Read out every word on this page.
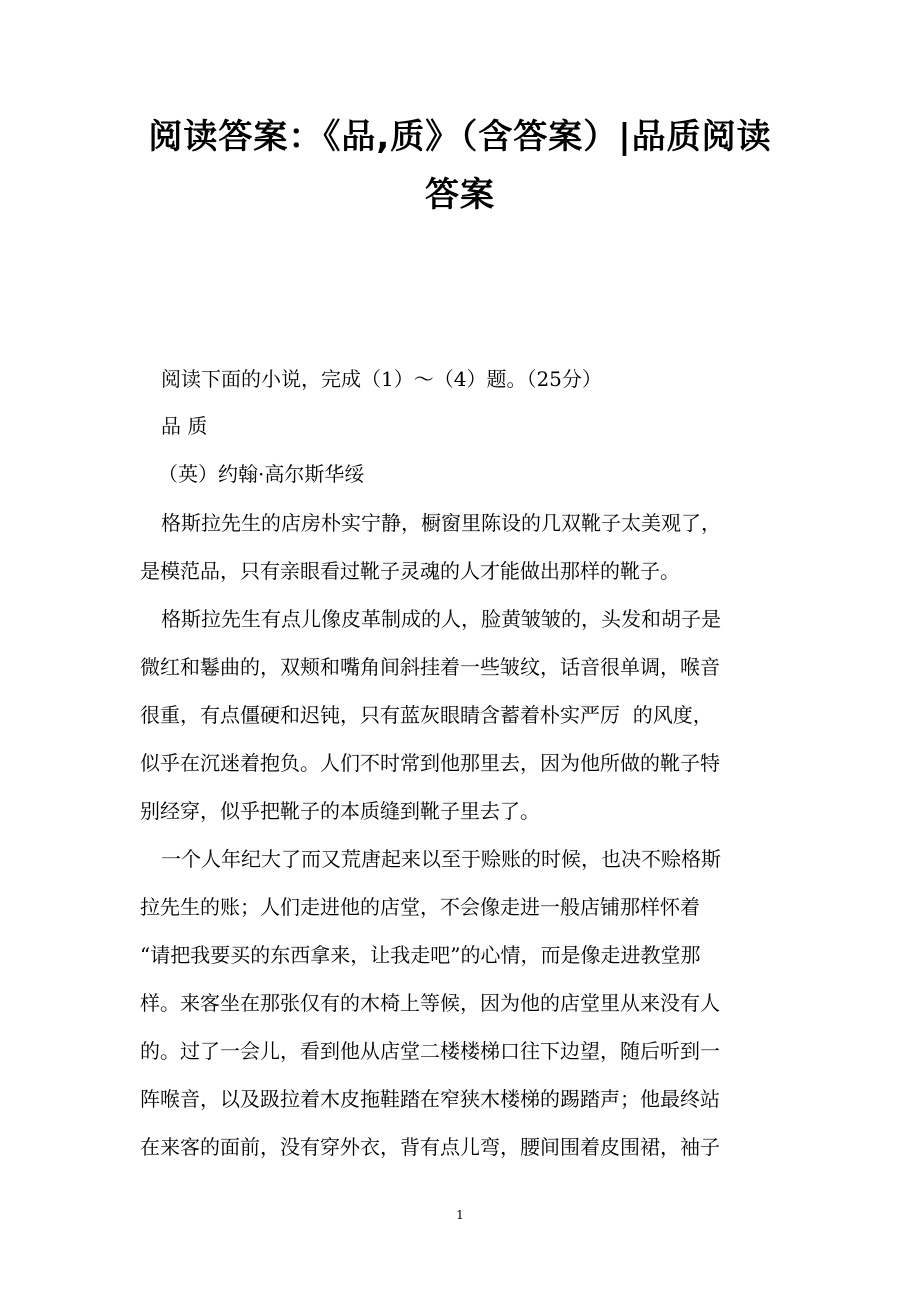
阅读答案：《品,质》（含答案）|品质阅读
答案
阅读下面的小说，完成（1）～（4）题。（25分）
品 质
（英）约翰·高尔斯华绥
格斯拉先生的店房朴实宁静，橱窗里陈设的几双靴子太美观了，
是模范品，只有亲眼看过靴子灵魂的人才能做出那样的靴子。
格斯拉先生有点儿像皮革制成的人，脸黄皱皱的，头发和胡子是
微红和鬈曲的，双颊和嘴角间斜挂着一些皱纹，话音很单调，喉音
很重，有点僵硬和迟钝，只有蓝灰眼睛含蓄着朴实严厉  的风度，
似乎在沉迷着抱负。人们不时常到他那里去，因为他所做的靴子特
别经穿，似乎把靴子的本质缝到靴子里去了。
一个人年纪大了而又荒唐起来以至于赊账的时候，也决不赊格斯
拉先生的账；人们走进他的店堂，不会像走进一般店铺那样怀着
“请把我要买的东西拿来，让我走吧”的心情，而是像走进教堂那
样。来客坐在那张仅有的木椅上等候，因为他的店堂里从来没有人
的。过了一会儿，看到他从店堂二楼楼梯口往下边望，随后听到一
阵喉音，以及趿拉着木皮拖鞋踏在窄狭木楼梯的踢踏声；他最终站
在来客的面前，没有穿外衣，背有点儿弯，腰间围着皮围裙，袖子
1
